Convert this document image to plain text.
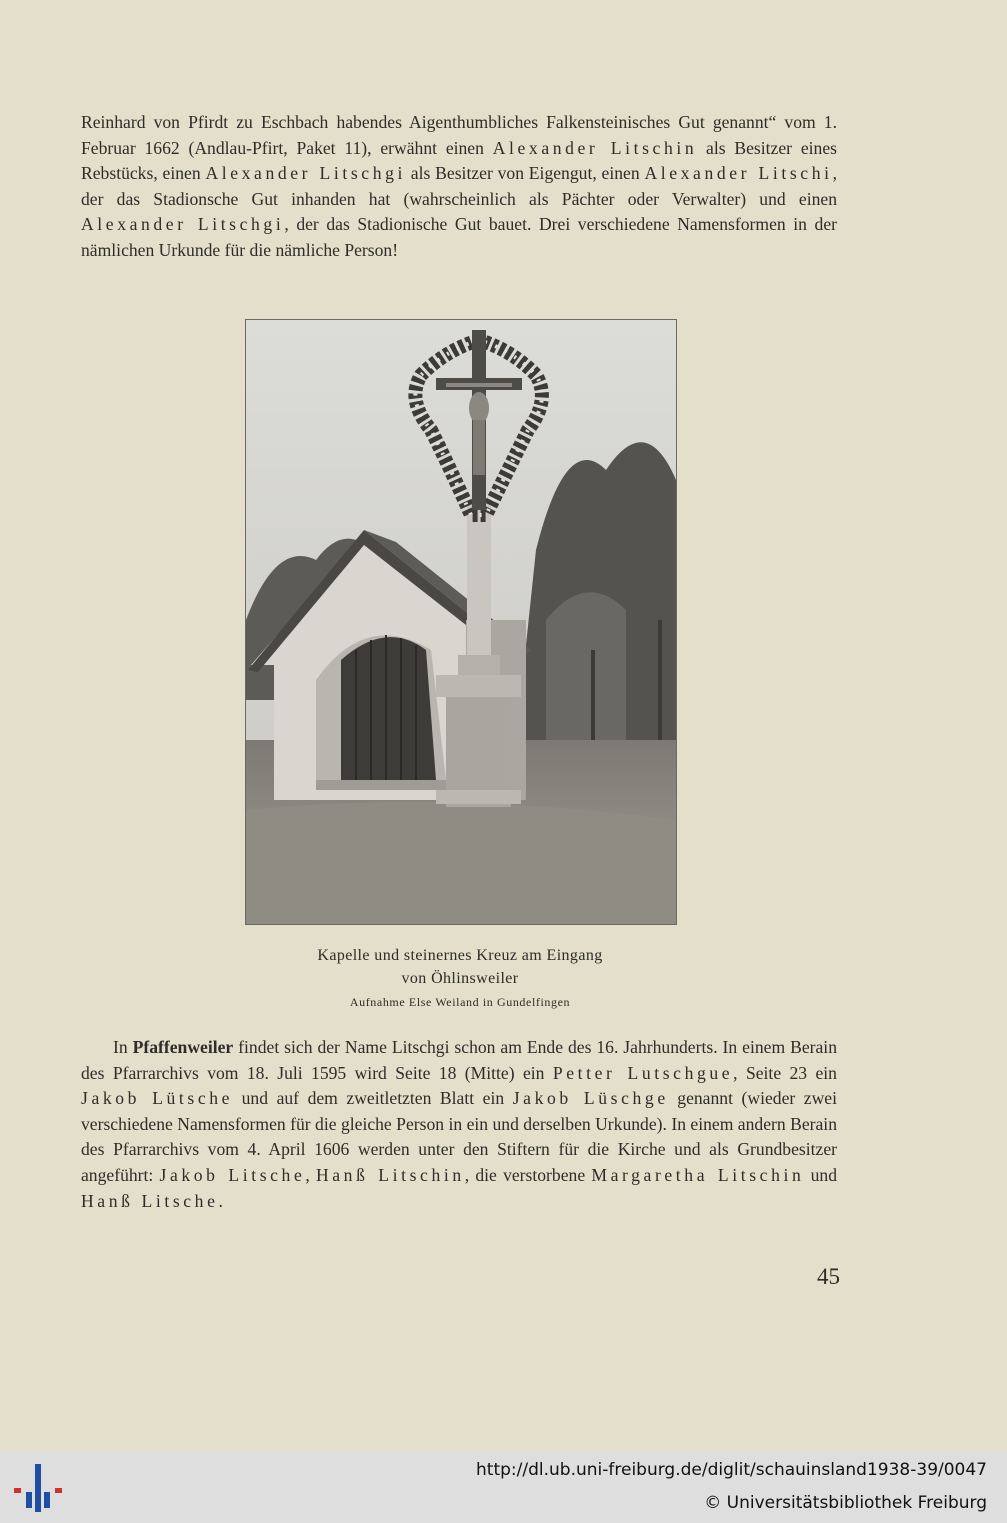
Reinhard von Pfirdt zu Eschbach habendes Aigenthumbliches Falkensteinisches Gut genannt“ vom 1. Februar 1662 (Andlau-Pfirt, Paket 11), erwähnt einen Alexander Litschin als Besitzer eines Rebstücks, einen Alexander Litschgi als Besitzer von Eigengut, einen Alexander Litschi, der das Stadionsche Gut inhanden hat (wahrscheinlich als Pächter oder Verwalter) und einen Alexander Litschgi, der das Stadionische Gut bauet. Drei verschiedene Namensformen in der nämlichen Urkunde für die nämliche Person!

Kapelle und steinernes Kreuz am Eingang
von Öhlinsweiler
Aufnahme Else Weiland in Gundelfingen

In Pfaffenweiler findet sich der Name Litschgi schon am Ende des 16. Jahrhunderts. In einem Berain des Pfarrarchivs vom 18. Juli 1595 wird Seite 18 (Mitte) ein Petter Lutschgue, Seite 23 ein Jakob Lütsche und auf dem zweitletzten Blatt ein Jakob Lüschge genannt (wieder zwei verschiedene Namensformen für die gleiche Person in ein und derselben Urkunde). In einem andern Berain des Pfarrarchivs vom 4. April 1606 werden unter den Stiftern für die Kirche und als Grundbesitzer angeführt: Jakob Litsche, Hanß Litschin, die verstorbene Margaretha Litschin und Hanß Litsche.

45
http://dl.ub.uni-freiburg.de/diglit/schauinsland1938-39/0047
© Universitätsbibliothek Freiburg
